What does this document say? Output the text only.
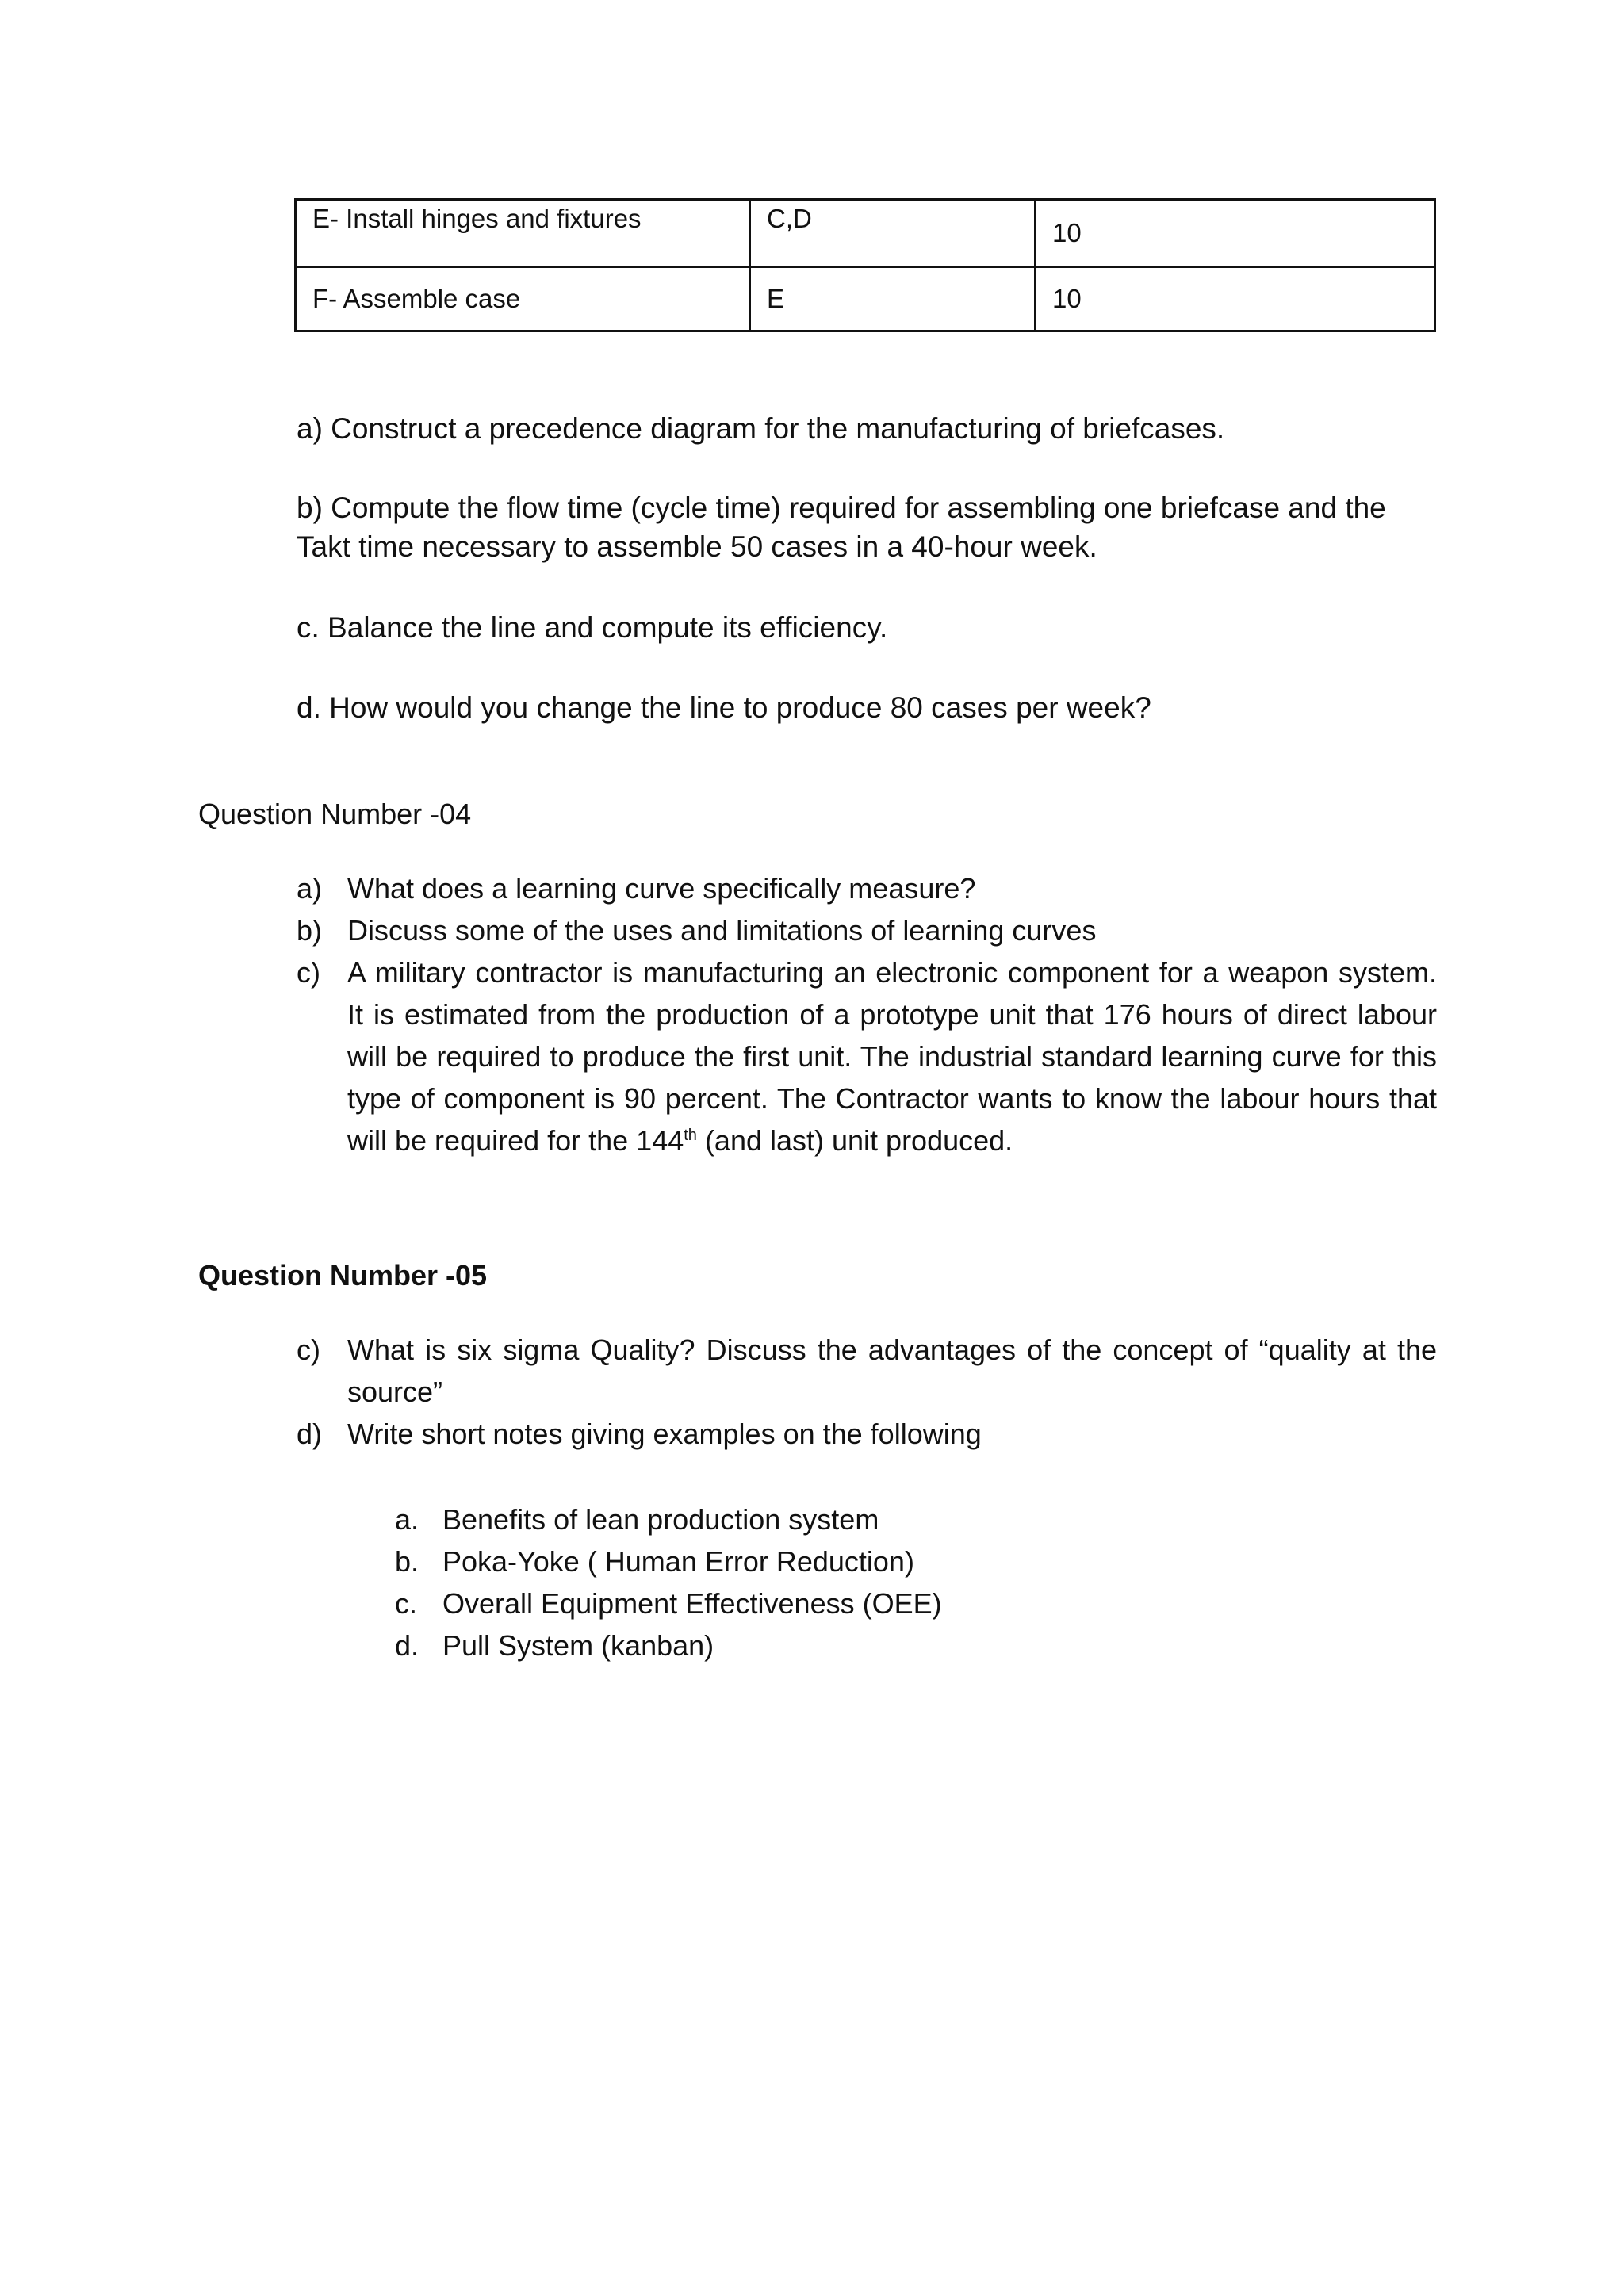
E- Install hinges and fixtures	C,D	10
F- Assemble case	E	10
a) Construct a precedence diagram for the manufacturing of briefcases.
b) Compute the flow time (cycle time) required for assembling one briefcase and the
Takt time necessary to assemble 50 cases in a 40-hour week.
c. Balance the line and compute its efficiency.
d. How would you change the line to produce 80 cases per week?
Question Number -04
a) What does a learning curve specifically measure?
b) Discuss some of the uses and limitations of learning curves
c) A military contractor is manufacturing an electronic component for a weapon system. It is estimated from the production of a prototype unit that 176 hours of direct labour will be required to produce the first unit. The industrial standard learning curve for this type of component is 90 percent. The Contractor wants to know the labour hours that will be required for the 144th (and last) unit produced.
Question Number -05
c) What is six sigma Quality? Discuss the advantages of the concept of “quality at the source”
d) Write short notes giving examples on the following
a. Benefits of lean production system
b. Poka-Yoke ( Human Error Reduction)
c. Overall Equipment Effectiveness (OEE)
d. Pull System (kanban)
